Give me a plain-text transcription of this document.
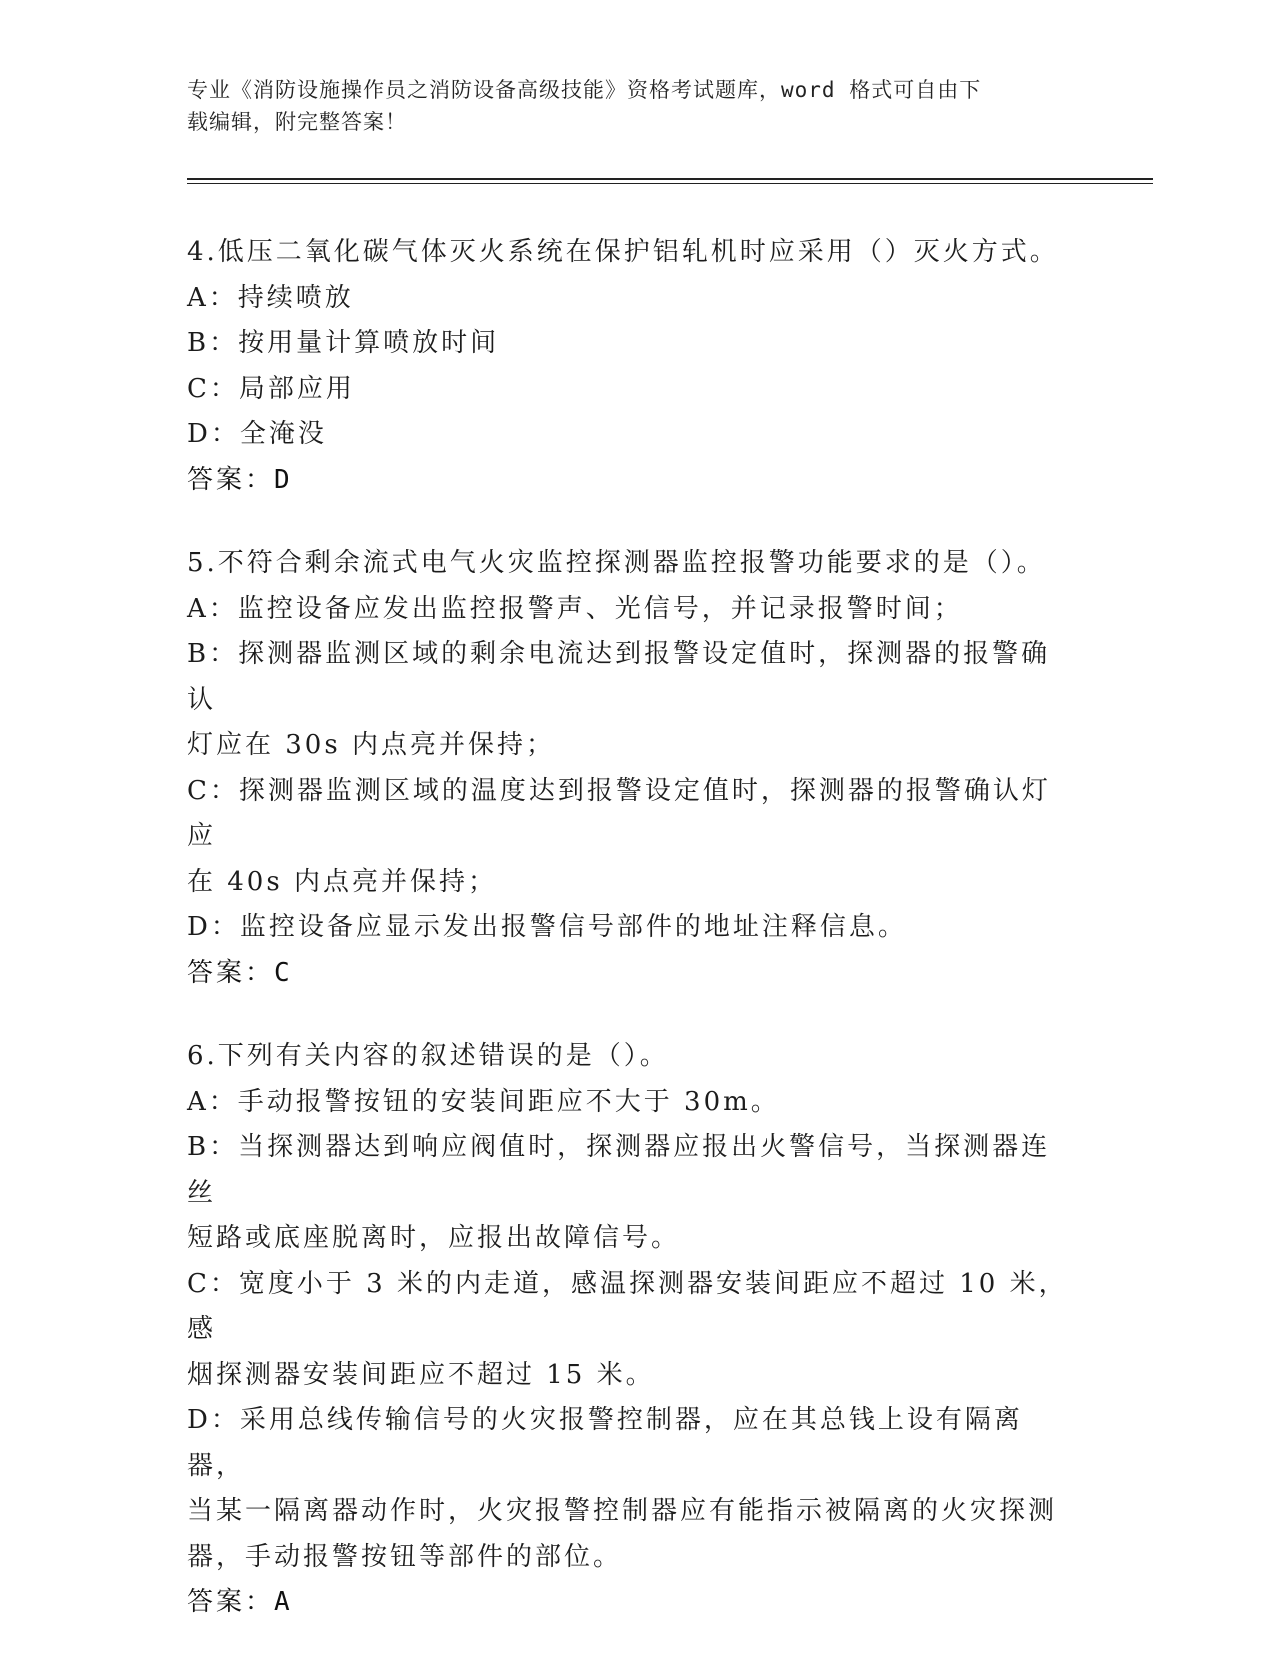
专业《消防设施操作员之消防设备高级技能》资格考试题库，word 格式可自由下
载编辑，附完整答案！
4.低压二氧化碳气体灭火系统在保护铝轧机时应采用（）灭火方式。
A：持续喷放
B：按用量计算喷放时间
C：局部应用
D：全淹没
答案：D
5.不符合剩余流式电气火灾监控探测器监控报警功能要求的是（）。
A：监控设备应发出监控报警声、光信号，并记录报警时间；
B：探测器监测区域的剩余电流达到报警设定值时，探测器的报警确认
灯应在 30s 内点亮并保持；
C：探测器监测区域的温度达到报警设定值时，探测器的报警确认灯应
在 40s 内点亮并保持；
D：监控设备应显示发出报警信号部件的地址注释信息。
答案：C
6.下列有关内容的叙述错误的是（）。
A：手动报警按钮的安装间距应不大于 30m。
B：当探测器达到响应阀值时，探测器应报出火警信号，当探测器连丝
短路或底座脱离时，应报出故障信号。
C：宽度小于 3 米的内走道，感温探测器安装间距应不超过 10 米，感
烟探测器安装间距应不超过 15 米。
D：采用总线传输信号的火灾报警控制器，应在其总钱上设有隔离器，
当某一隔离器动作时，火灾报警控制器应有能指示被隔离的火灾探测
器，手动报警按钮等部件的部位。
答案：A
